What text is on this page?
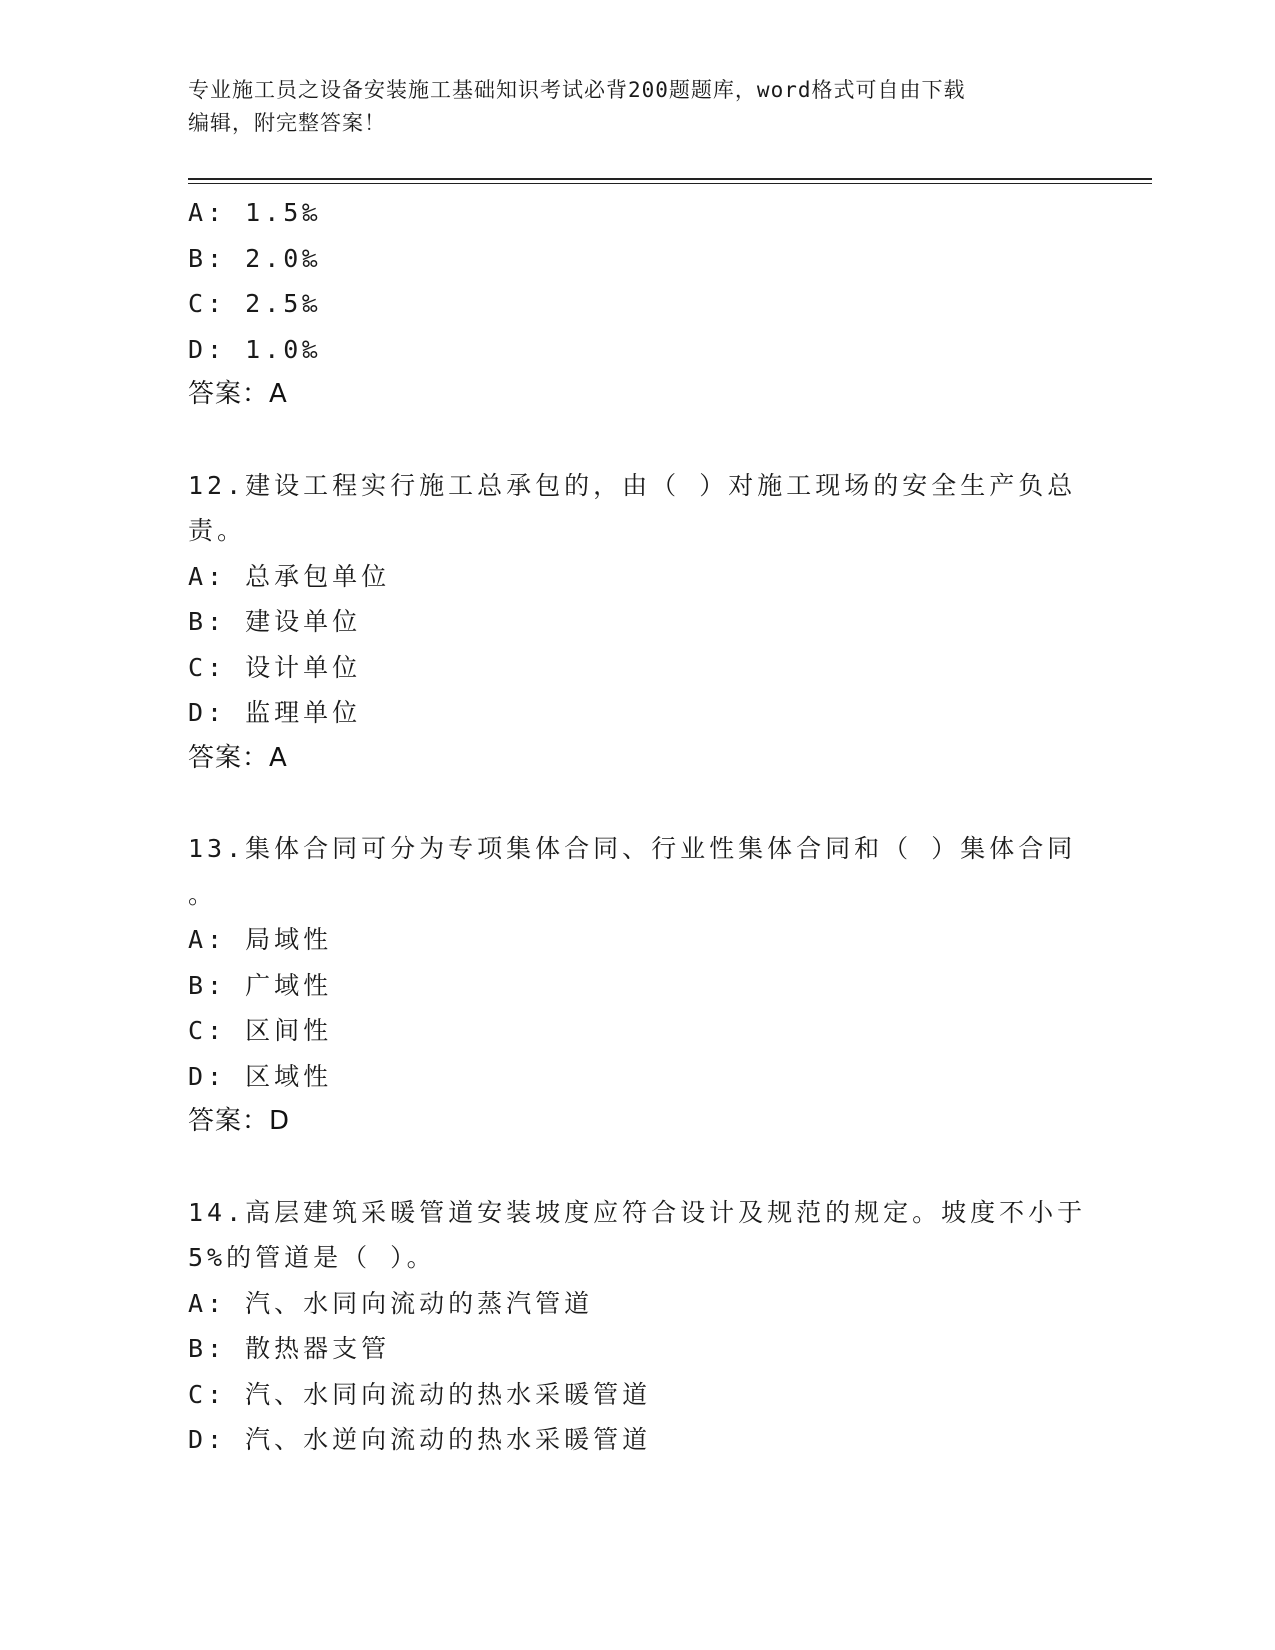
专业施工员之设备安装施工基础知识考试必背200题题库，word格式可自由下载
编辑，附完整答案！
A: 1.5‰
B: 2.0‰
C: 2.5‰
D: 1.0‰
答案：A
12.建设工程实行施工总承包的，由（ ）对施工现场的安全生产负总
责。
A: 总承包单位
B: 建设单位
C: 设计单位
D: 监理单位
答案：A
13.集体合同可分为专项集体合同、行业性集体合同和（ ）集体合同
。
A: 局域性
B: 广域性
C: 区间性
D: 区域性
答案：D
14.高层建筑采暖管道安装坡度应符合设计及规范的规定。坡度不小于
5%的管道是（ ）。
A: 汽、水同向流动的蒸汽管道
B: 散热器支管
C: 汽、水同向流动的热水采暖管道
D: 汽、水逆向流动的热水采暖管道
